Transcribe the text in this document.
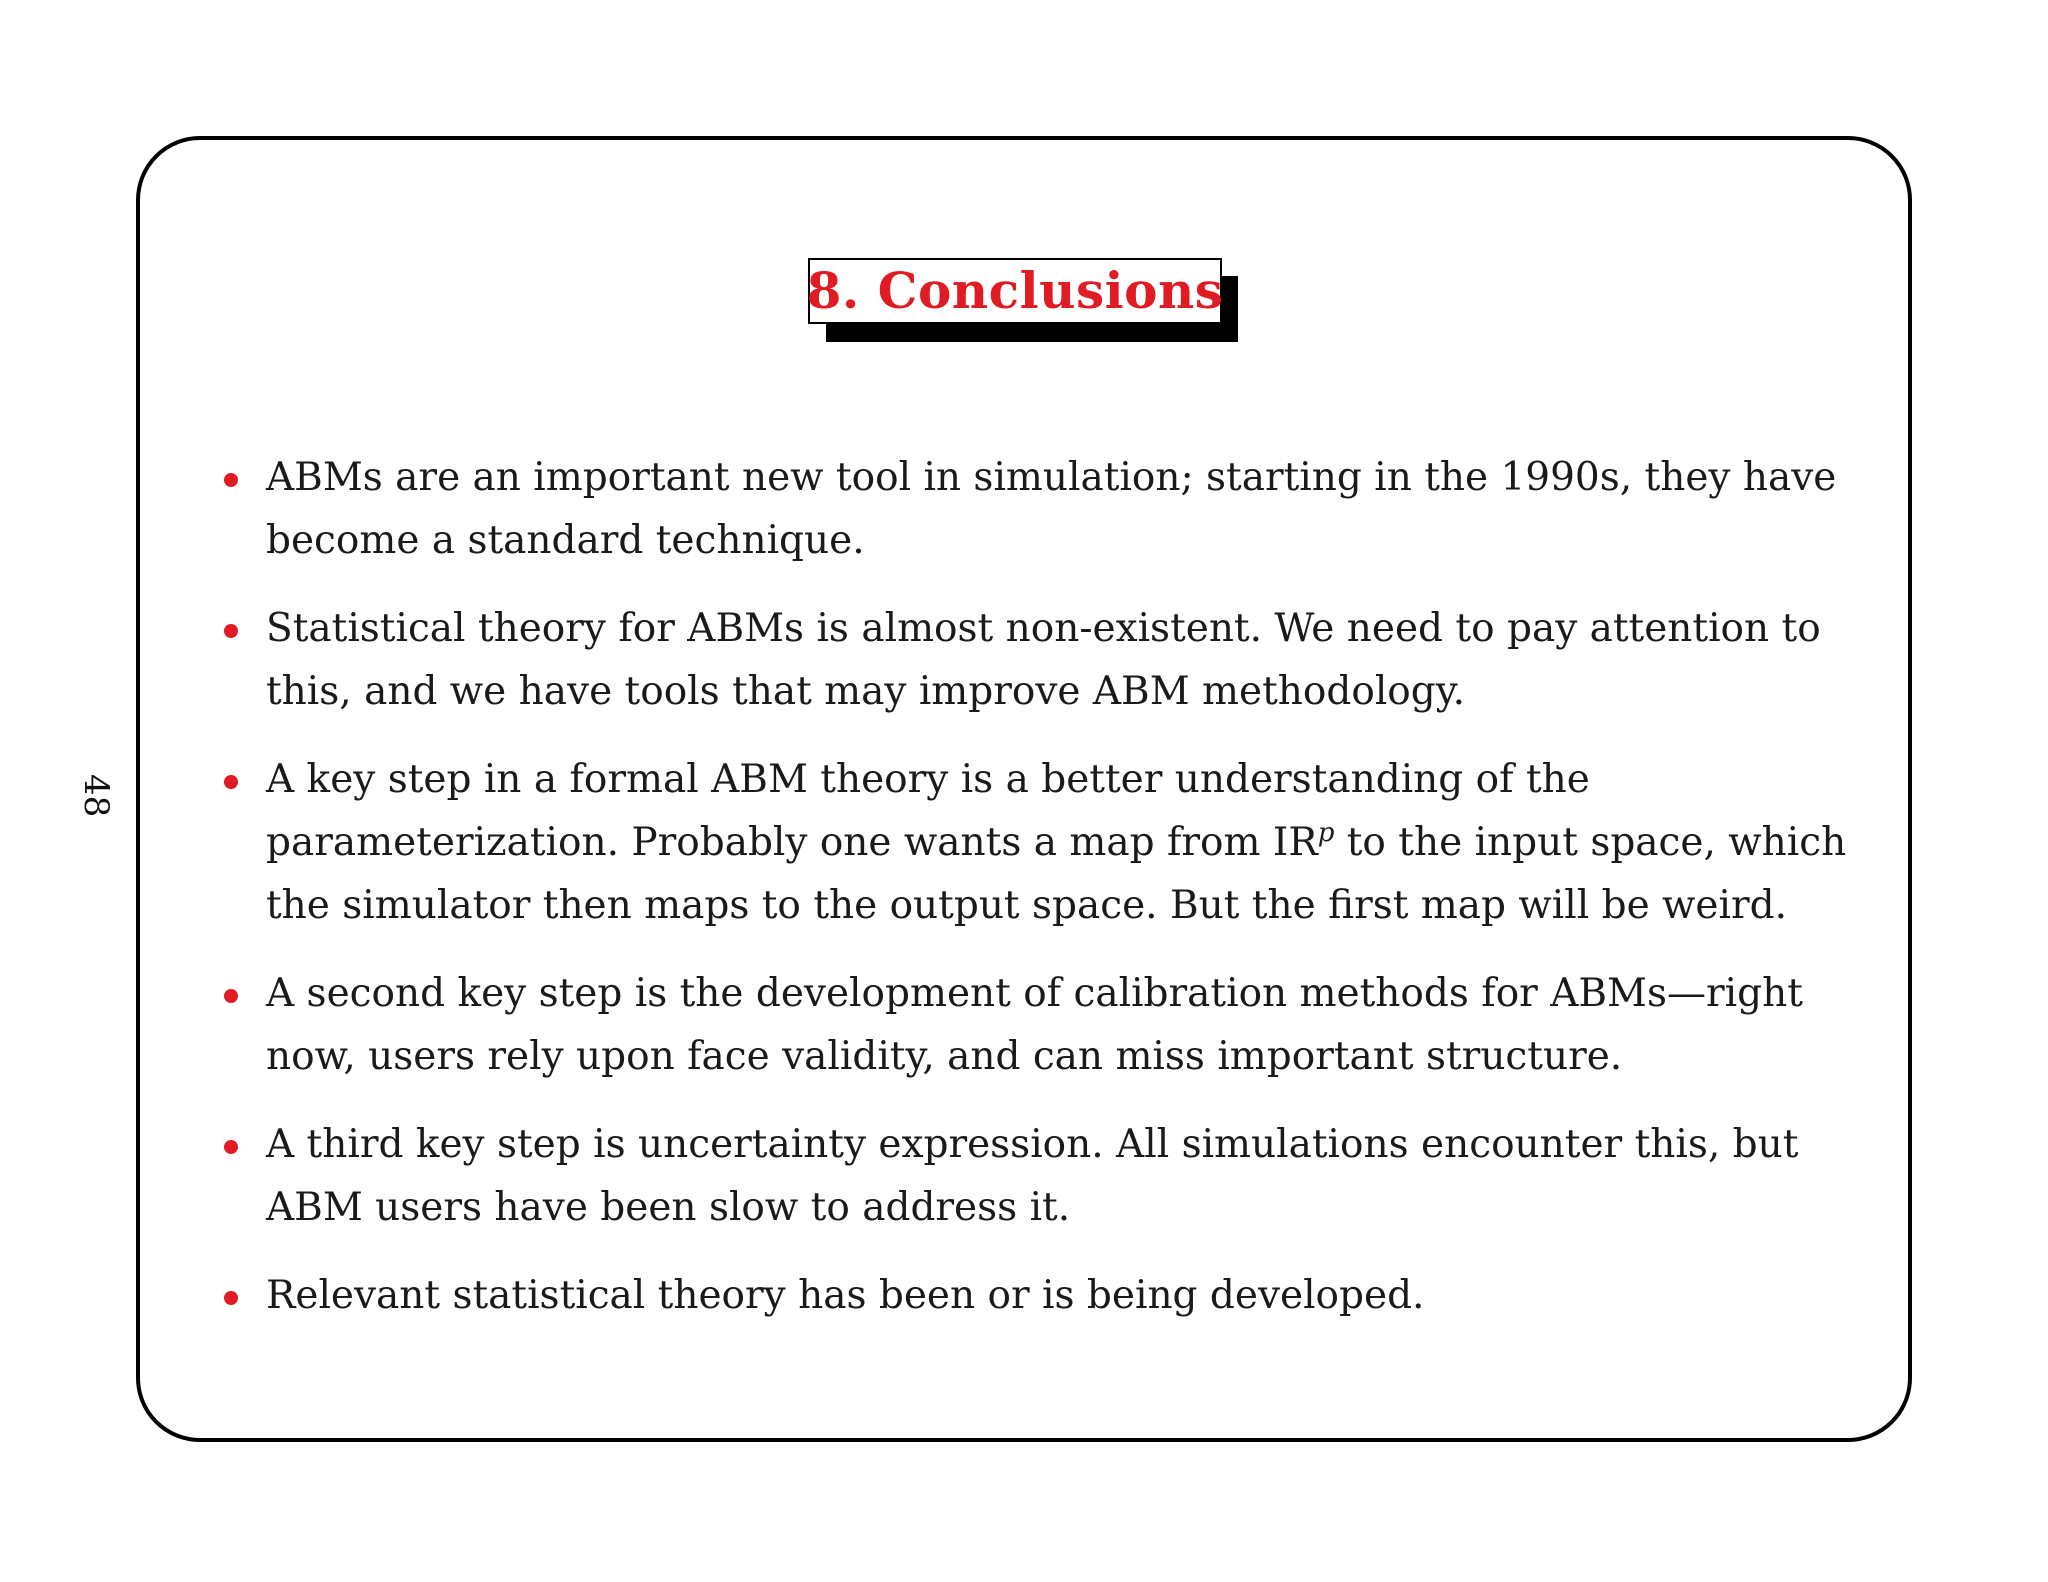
48
8. Conclusions
ABMs are an important new tool in simulation; starting in the 1990s, they have become a standard technique.
Statistical theory for ABMs is almost non-existent. We need to pay attention to this, and we have tools that may improve ABM methodology.
A key step in a formal ABM theory is a better understanding of the parameterization. Probably one wants a map from $IR^p$ to the input space, which the simulator then maps to the output space. But the first map will be weird.
A second key step is the development of calibration methods for ABMs—right now, users rely upon face validity, and can miss important structure.
A third key step is uncertainty expression. All simulations encounter this, but ABM users have been slow to address it.
Relevant statistical theory has been or is being developed.
